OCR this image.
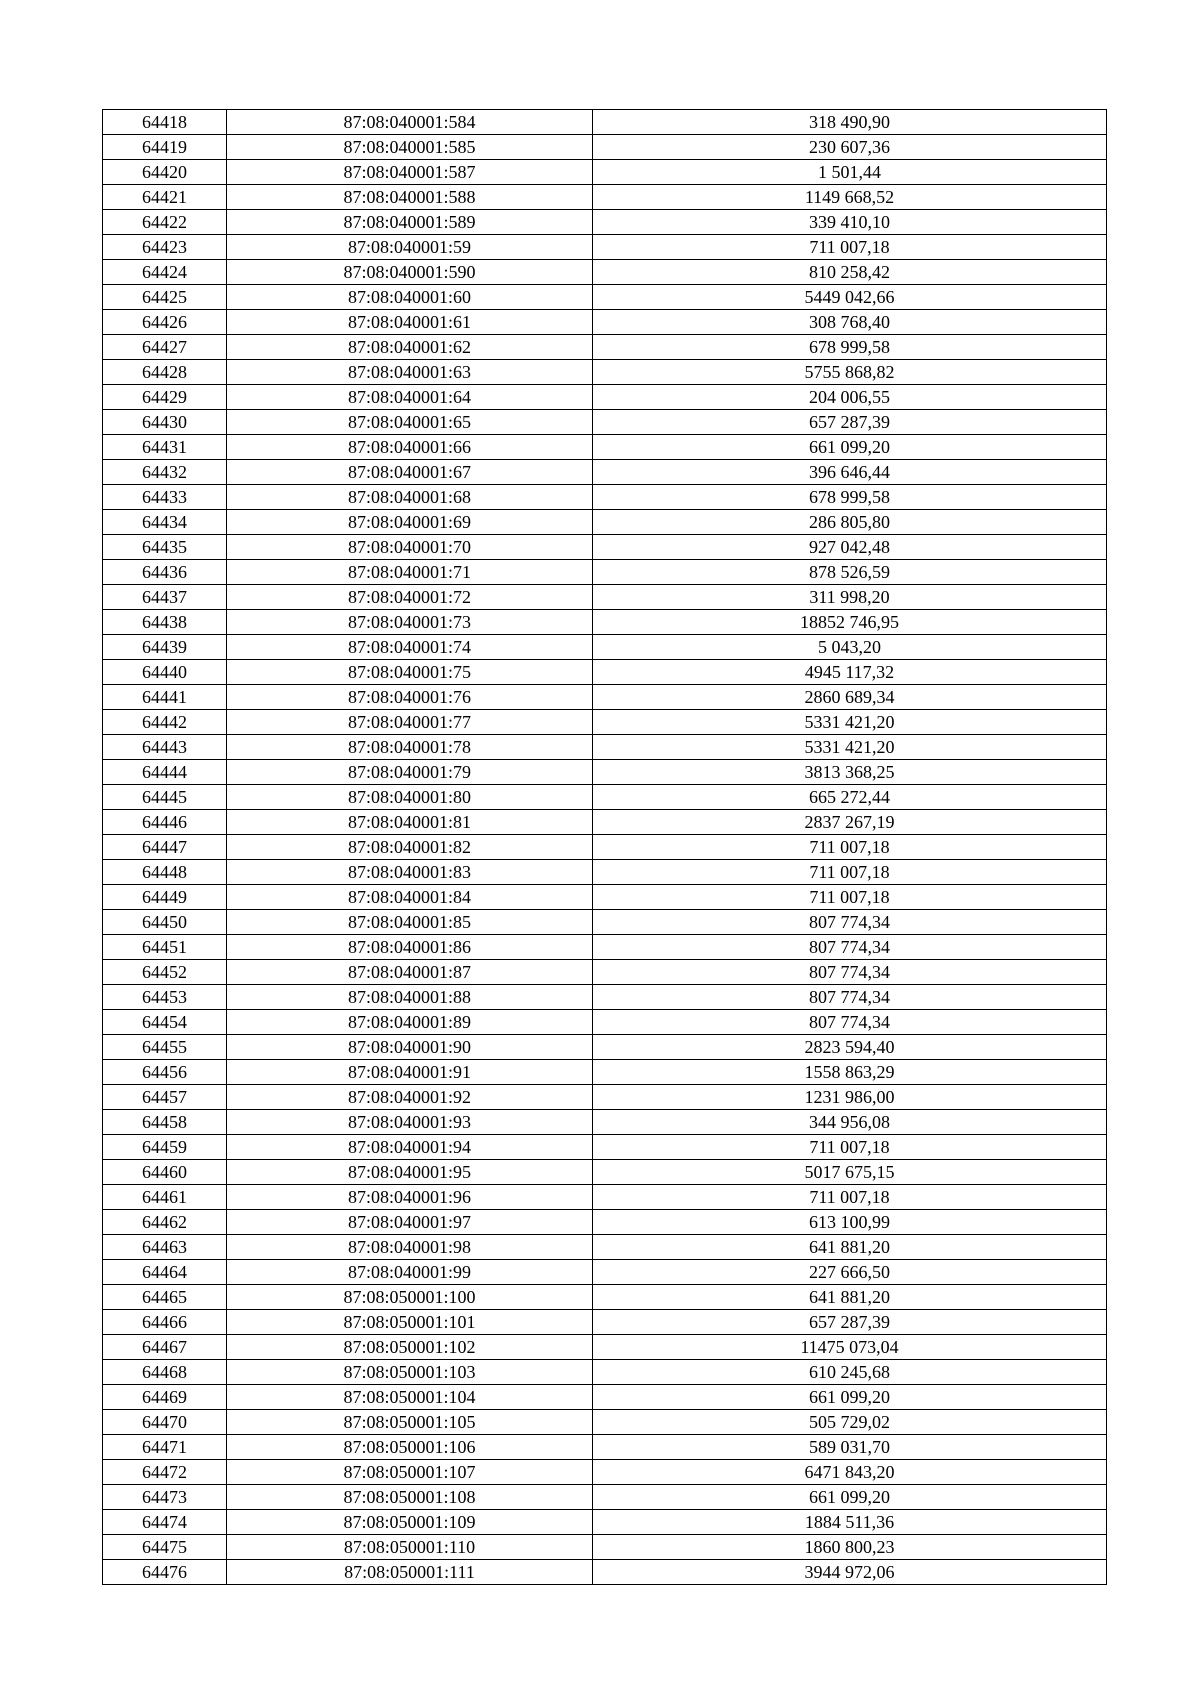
64418	87:08:040001:584	318 490,90
64419	87:08:040001:585	230 607,36
64420	87:08:040001:587	1 501,44
64421	87:08:040001:588	1149 668,52
64422	87:08:040001:589	339 410,10
64423	87:08:040001:59	711 007,18
64424	87:08:040001:590	810 258,42
64425	87:08:040001:60	5449 042,66
64426	87:08:040001:61	308 768,40
64427	87:08:040001:62	678 999,58
64428	87:08:040001:63	5755 868,82
64429	87:08:040001:64	204 006,55
64430	87:08:040001:65	657 287,39
64431	87:08:040001:66	661 099,20
64432	87:08:040001:67	396 646,44
64433	87:08:040001:68	678 999,58
64434	87:08:040001:69	286 805,80
64435	87:08:040001:70	927 042,48
64436	87:08:040001:71	878 526,59
64437	87:08:040001:72	311 998,20
64438	87:08:040001:73	18852 746,95
64439	87:08:040001:74	5 043,20
64440	87:08:040001:75	4945 117,32
64441	87:08:040001:76	2860 689,34
64442	87:08:040001:77	5331 421,20
64443	87:08:040001:78	5331 421,20
64444	87:08:040001:79	3813 368,25
64445	87:08:040001:80	665 272,44
64446	87:08:040001:81	2837 267,19
64447	87:08:040001:82	711 007,18
64448	87:08:040001:83	711 007,18
64449	87:08:040001:84	711 007,18
64450	87:08:040001:85	807 774,34
64451	87:08:040001:86	807 774,34
64452	87:08:040001:87	807 774,34
64453	87:08:040001:88	807 774,34
64454	87:08:040001:89	807 774,34
64455	87:08:040001:90	2823 594,40
64456	87:08:040001:91	1558 863,29
64457	87:08:040001:92	1231 986,00
64458	87:08:040001:93	344 956,08
64459	87:08:040001:94	711 007,18
64460	87:08:040001:95	5017 675,15
64461	87:08:040001:96	711 007,18
64462	87:08:040001:97	613 100,99
64463	87:08:040001:98	641 881,20
64464	87:08:040001:99	227 666,50
64465	87:08:050001:100	641 881,20
64466	87:08:050001:101	657 287,39
64467	87:08:050001:102	11475 073,04
64468	87:08:050001:103	610 245,68
64469	87:08:050001:104	661 099,20
64470	87:08:050001:105	505 729,02
64471	87:08:050001:106	589 031,70
64472	87:08:050001:107	6471 843,20
64473	87:08:050001:108	661 099,20
64474	87:08:050001:109	1884 511,36
64475	87:08:050001:110	1860 800,23
64476	87:08:050001:111	3944 972,06
